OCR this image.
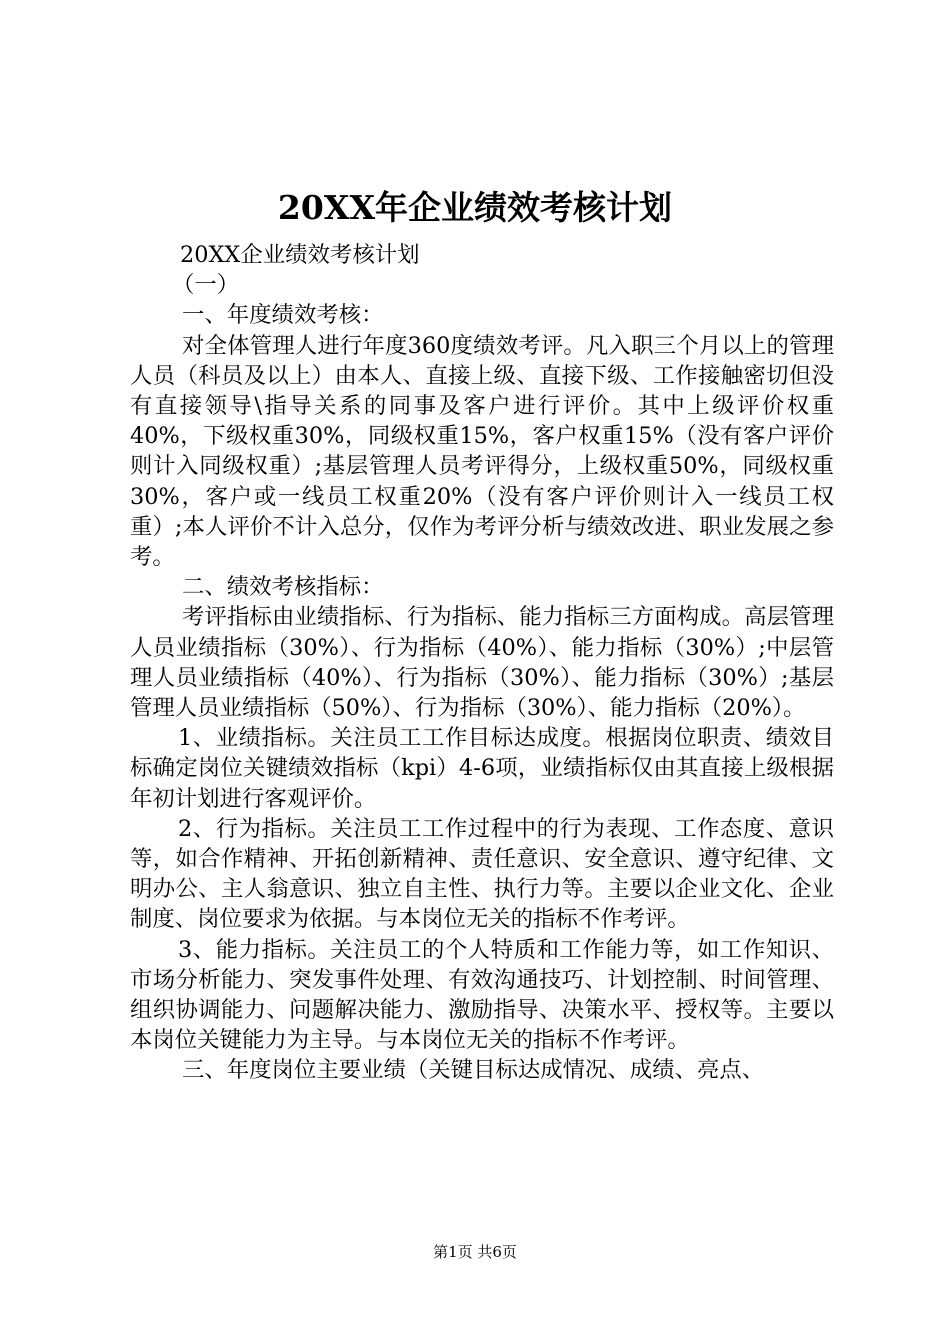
20XX年企业绩效考核计划

20XX企业绩效考核计划

（一）

一、年度绩效考核：

对全体管理人进行年度360度绩效考评。凡入职三个月以上的管理人员（科员及以上）由本人、直接上级、直接下级、工作接触密切但没有直接领导\指导关系的同事及客户进行评价。其中上级评价权重40%，下级权重30%，同级权重15%，客户权重15%（没有客户评价则计入同级权重）;基层管理人员考评得分，上级权重50%，同级权重30%，客户或一线员工权重20%（没有客户评价则计入一线员工权重）;本人评价不计入总分，仅作为考评分析与绩效改进、职业发展之参考。

二、绩效考核指标：

考评指标由业绩指标、行为指标、能力指标三方面构成。高层管理人员业绩指标（30%）、行为指标（40%）、能力指标（30%）;中层管理人员业绩指标（40%）、行为指标（30%）、能力指标（30%）;基层管理人员业绩指标（50%）、行为指标（30%）、能力指标（20%）。

1、业绩指标。关注员工工作目标达成度。根据岗位职责、绩效目标确定岗位关键绩效指标（kpi）4-6项，业绩指标仅由其直接上级根据年初计划进行客观评价。

2、行为指标。关注员工工作过程中的行为表现、工作态度、意识等，如合作精神、开拓创新精神、责任意识、安全意识、遵守纪律、文明办公、主人翁意识、独立自主性、执行力等。主要以企业文化、企业制度、岗位要求为依据。与本岗位无关的指标不作考评。

3、能力指标。关注员工的个人特质和工作能力等，如工作知识、市场分析能力、突发事件处理、有效沟通技巧、计划控制、时间管理、组织协调能力、问题解决能力、激励指导、决策水平、授权等。主要以本岗位关键能力为主导。与本岗位无关的指标不作考评。

三、年度岗位主要业绩（关键目标达成情况、成绩、亮点、

第1页 共6页
